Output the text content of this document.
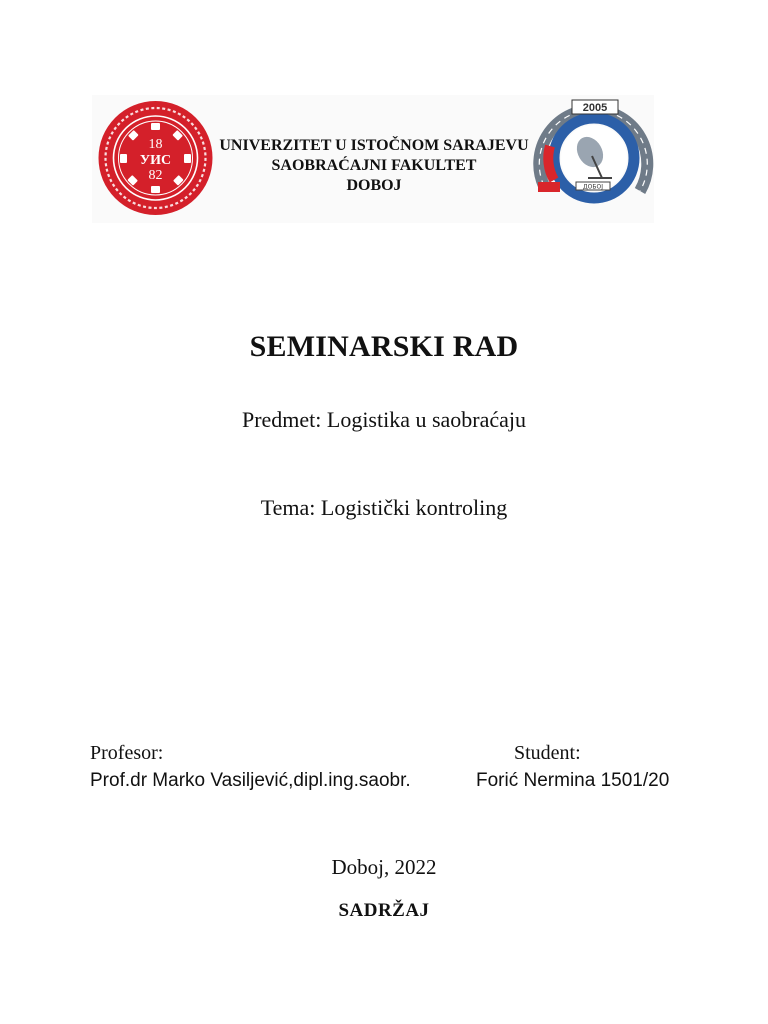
18
УИС
82
UNIVERZITET U ISTOČNOM SARAJEVU
SAOBRAĆAJNI FAKULTET
DOBOJ
2005
ДОБОЈ
SEMINARSKI RAD
Predmet: Logistika u saobraćaju
Tema: Logistički kontroling
Profesor:
Prof.dr Marko Vasiljević,dipl.ing.saobr.
Student:
Forić Nermina 1501/20
Doboj, 2022
SADRŽAJ
